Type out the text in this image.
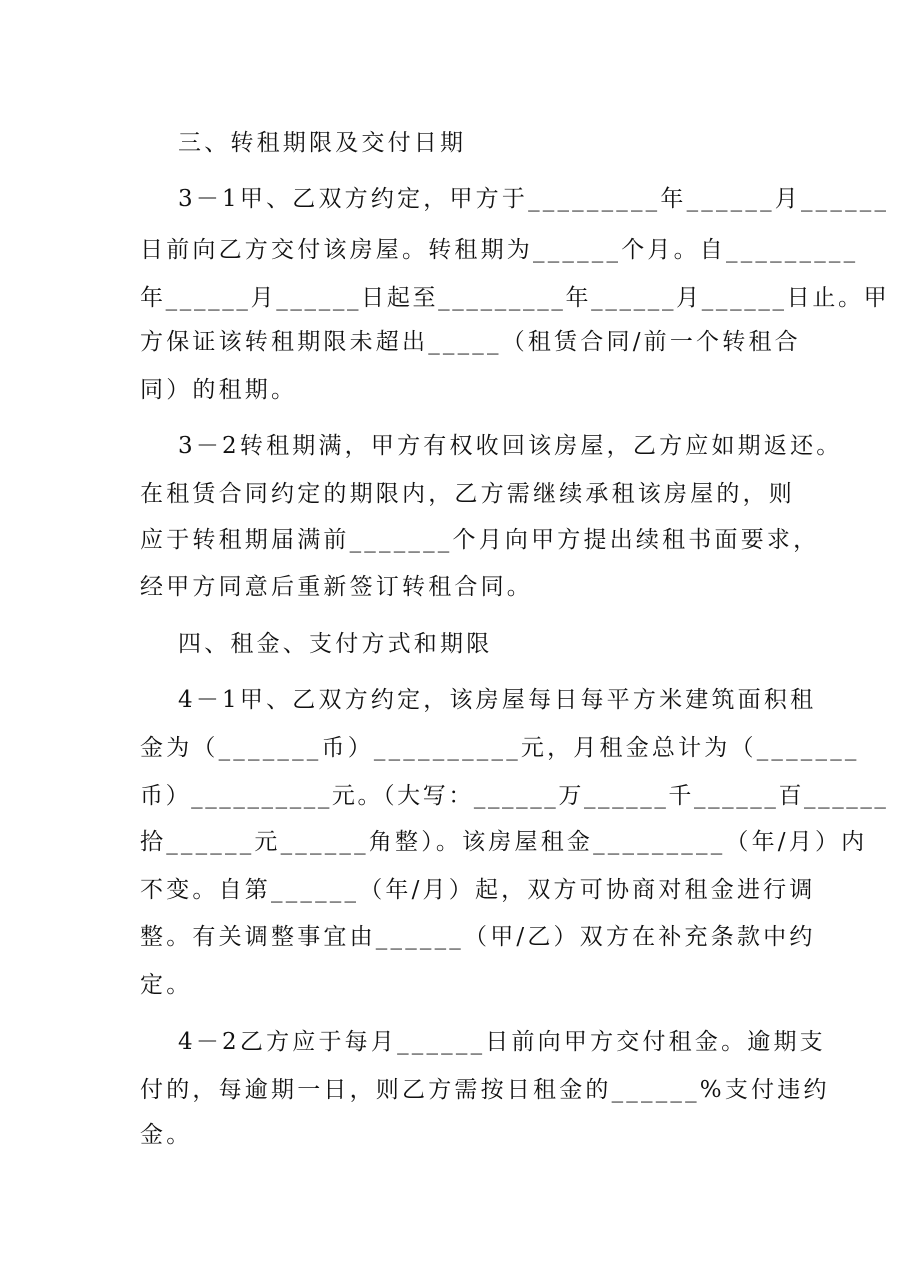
三、转租期限及交付日期
3－1甲、乙双方约定，甲方于_________年______月______
日前向乙方交付该房屋。转租期为______个月。自_________
年______月______日起至_________年______月______日止。甲
方保证该转租期限未超出_____（租赁合同/前一个转租合
同）的租期。
3－2转租期满，甲方有权收回该房屋，乙方应如期返还。
在租赁合同约定的期限内，乙方需继续承租该房屋的，则
应于转租期届满前_______个月向甲方提出续租书面要求，
经甲方同意后重新签订转租合同。
四、租金、支付方式和期限
4－1甲、乙双方约定，该房屋每日每平方米建筑面积租
金为（_______币）__________元，月租金总计为（_______
币）__________元。（大写：______万______千______百______
拾______元______角整）。该房屋租金_________（年/月）内
不变。自第______（年/月）起，双方可协商对租金进行调
整。有关调整事宜由______（甲/乙）双方在补充条款中约
定。
4－2乙方应于每月______日前向甲方交付租金。逾期支
付的，每逾期一日，则乙方需按日租金的______%支付违约
金。
